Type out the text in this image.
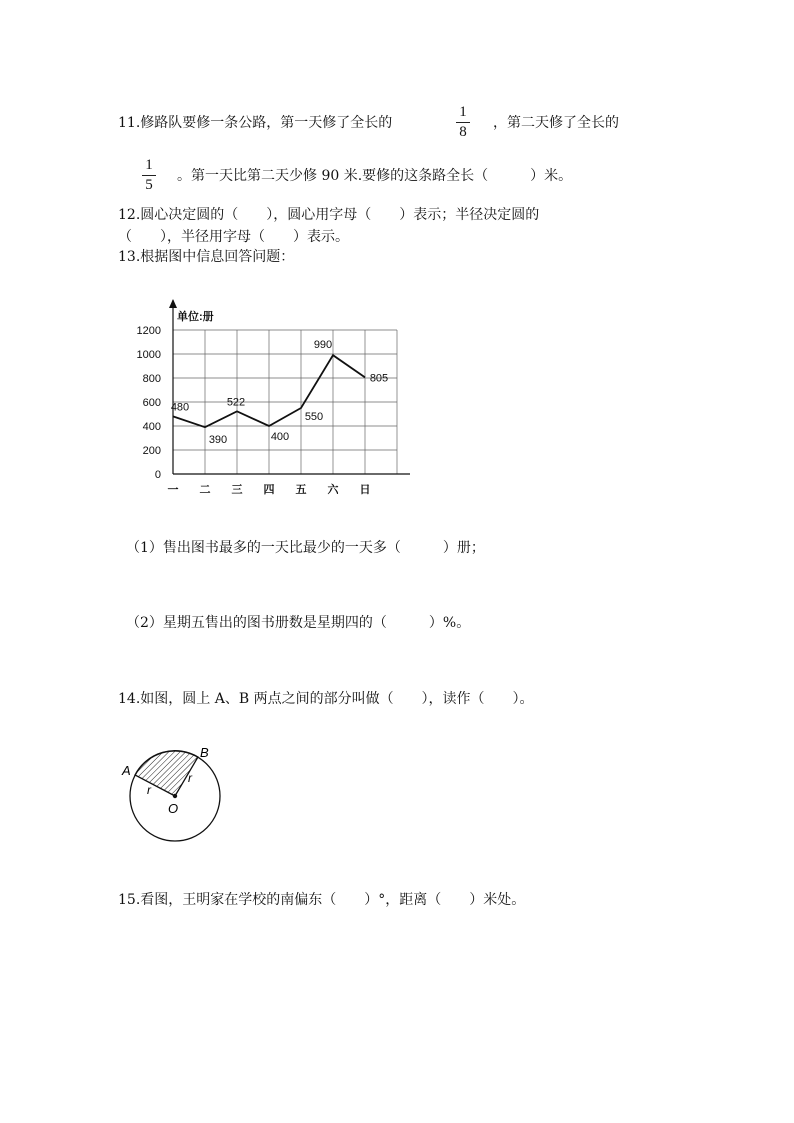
11.修路队要修一条公路，第一天修了全长的
1
8
，第二天修了全长的
1
5
。第一天比第二天少修 90 米.要修的这条路全长（　　　）米。
12.圆心决定圆的（　　），圆心用字母（　　）表示；半径决定圆的
（　　），半径用字母（　　）表示。
13.根据图中信息回答问题：
0
200
400
600
800
1000
1200
一 二 三 四 五 六 日
480
390
522
400
550
990
805
单位:册
（1）售出图书最多的一天比最少的一天多（　　　）册；
（2）星期五售出的图书册数是星期四的（　　　）%。
14.如图，圆上 A、B 两点之间的部分叫做（　　），读作（　　）。
A
B
O
r
r
15.看图，王明家在学校的南偏东（　　）°，距离（　　）米处。
